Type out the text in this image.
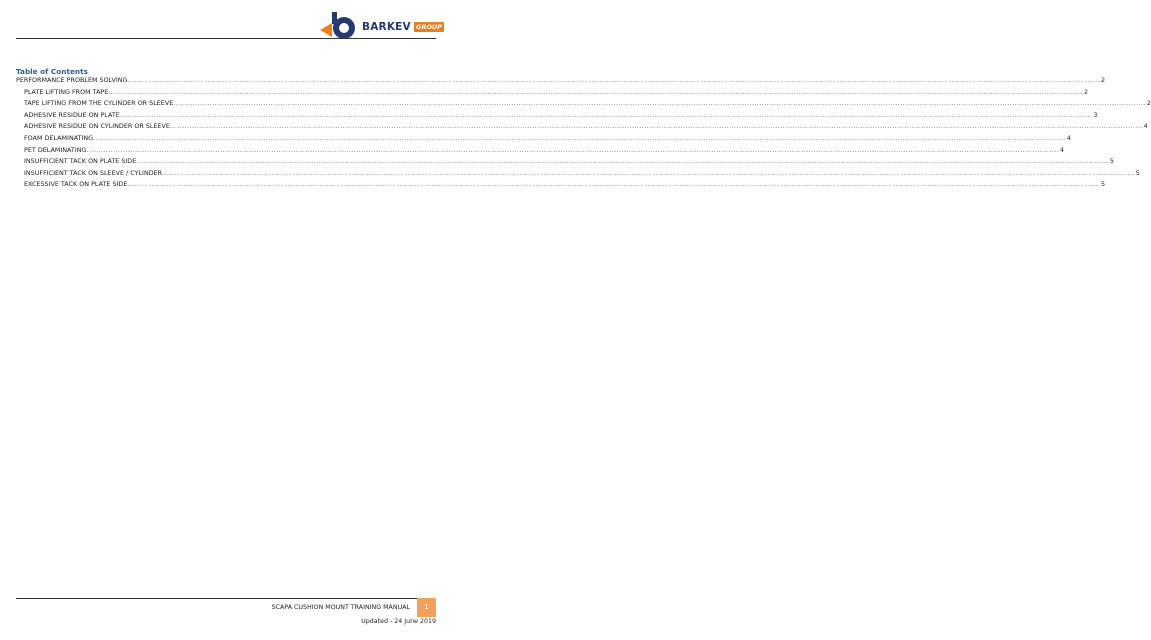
BARKEV GROUP
Table of Contents
PERFORMANCE PROBLEM SOLVING ................................................................................................................................................................................................................................................................................................................................................................................................................ 2
PLATE LIFTING FROM TAPE: ................................................................................................................................................................................................................................................................................................................................................................................................................ 2
TAPE LIFTING FROM THE CYLINDER OR SLEEVE ................................................................................................................................................................................................................................................................................................................................................................................................................ 2
ADHESIVE RESIDUE ON PLATE ................................................................................................................................................................................................................................................................................................................................................................................................................ 3
ADHESIVE RESIDUE ON CYLINDER OR SLEEVE ................................................................................................................................................................................................................................................................................................................................................................................................................ 4
FOAM DELAMINATING ................................................................................................................................................................................................................................................................................................................................................................................................................ 4
PET DELAMINATING ................................................................................................................................................................................................................................................................................................................................................................................................................ 4
INSUFFICIENT TACK ON PLATE SIDE ................................................................................................................................................................................................................................................................................................................................................................................................................ 5
INSUFFICIENT TACK ON SLEEVE / CYLINDER ................................................................................................................................................................................................................................................................................................................................................................................................................ 5
EXCESSIVE TACK ON PLATE SIDE ................................................................................................................................................................................................................................................................................................................................................................................................................ 5
SCAPA CUSHION MOUNT TRAINING MANUAL	1
Updated - 24 June 2019
